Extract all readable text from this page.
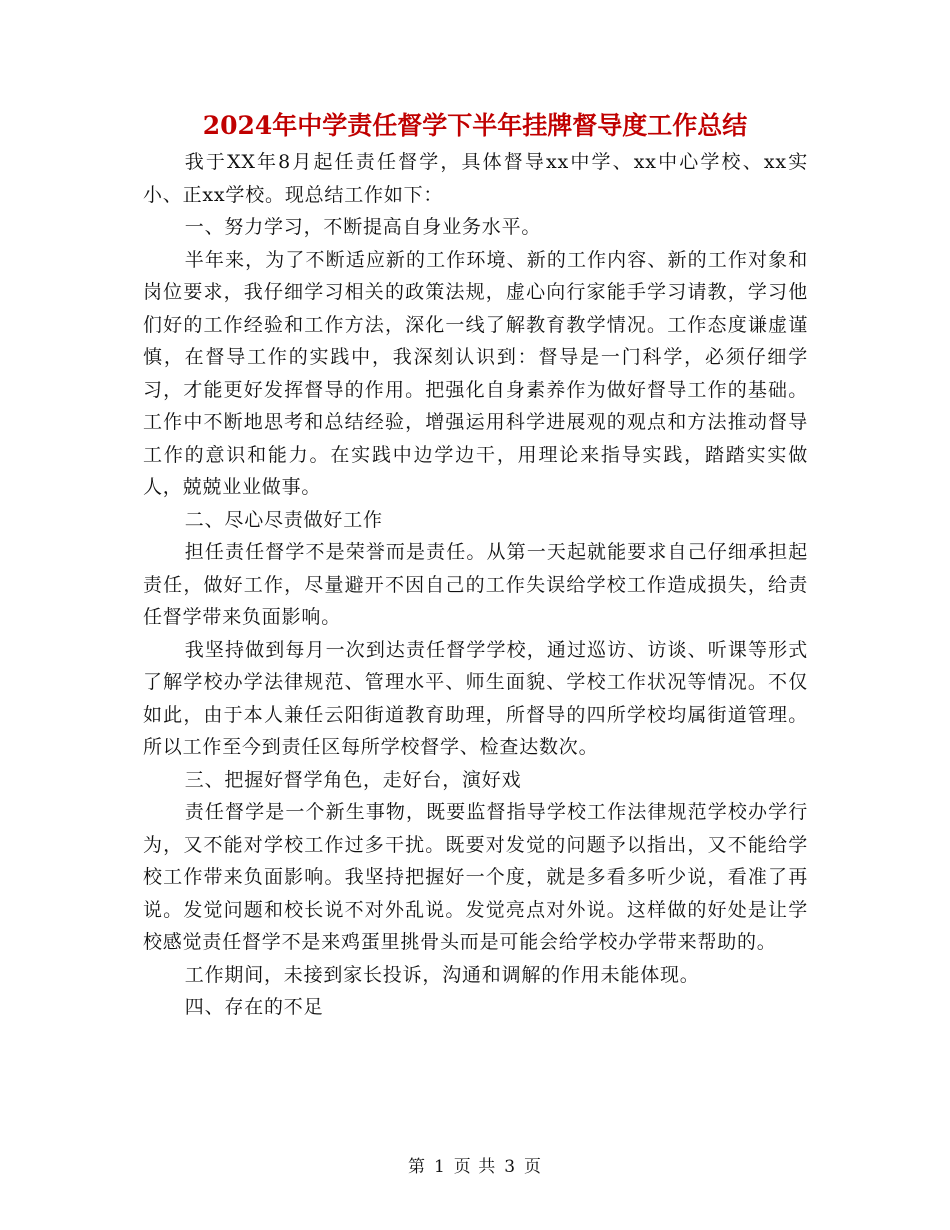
2024年中学责任督学下半年挂牌督导度工作总结

我于XX年8月起任责任督学，具体督导xx中学、xx中心学校、xx实小、正xx学校。现总结工作如下：

一、努力学习，不断提高自身业务水平。

半年来，为了不断适应新的工作环境、新的工作内容、新的工作对象和岗位要求，我仔细学习相关的政策法规，虚心向行家能手学习请教，学习他们好的工作经验和工作方法，深化一线了解教育教学情况。工作态度谦虚谨慎，在督导工作的实践中，我深刻认识到：督导是一门科学，必须仔细学习，才能更好发挥督导的作用。把强化自身素养作为做好督导工作的基础。工作中不断地思考和总结经验，增强运用科学进展观的观点和方法推动督导工作的意识和能力。在实践中边学边干，用理论来指导实践，踏踏实实做人，兢兢业业做事。

二、尽心尽责做好工作

担任责任督学不是荣誉而是责任。从第一天起就能要求自己仔细承担起责任，做好工作，尽量避开不因自己的工作失误给学校工作造成损失，给责任督学带来负面影响。

我坚持做到每月一次到达责任督学学校，通过巡访、访谈、听课等形式了解学校办学法律规范、管理水平、师生面貌、学校工作状况等情况。不仅如此，由于本人兼任云阳街道教育助理，所督导的四所学校均属街道管理。所以工作至今到责任区每所学校督学、检查达数次。

三、把握好督学角色，走好台，演好戏

责任督学是一个新生事物，既要监督指导学校工作法律规范学校办学行为，又不能对学校工作过多干扰。既要对发觉的问题予以指出，又不能给学校工作带来负面影响。我坚持把握好一个度，就是多看多听少说，看准了再说。发觉问题和校长说不对外乱说。发觉亮点对外说。这样做的好处是让学校感觉责任督学不是来鸡蛋里挑骨头而是可能会给学校办学带来帮助的。

工作期间，未接到家长投诉，沟通和调解的作用未能体现。

四、存在的不足

第 1 页 共 3 页
